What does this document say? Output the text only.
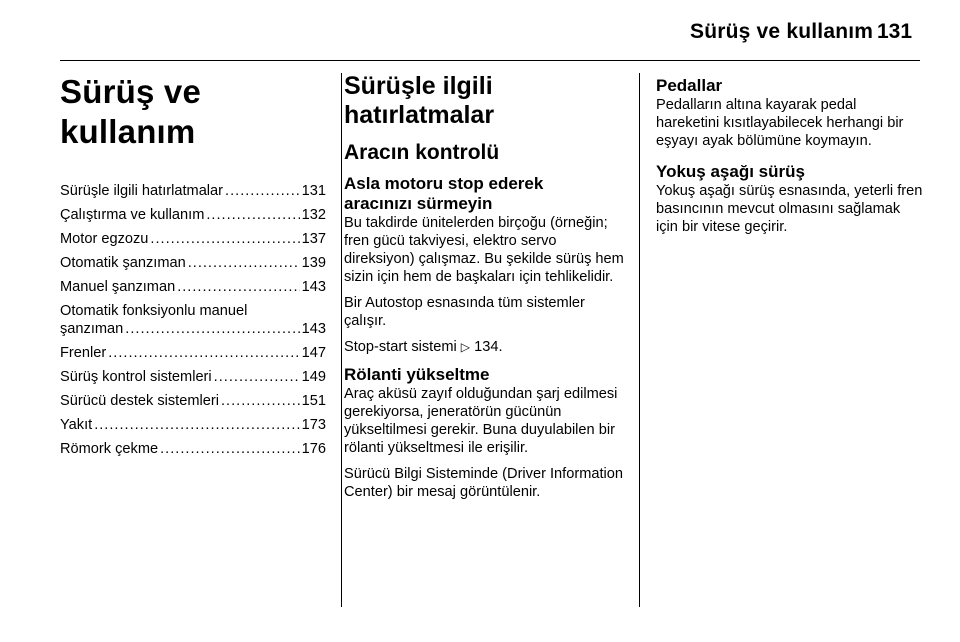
Sürüş ve kullanım 131
Sürüş ve kullanım
Sürüşle ilgili hatırlatmalar .....	131
Çalıştırma ve kullanım .....	132
Motor egzozu .....	137
Otomatik şanzıman .....	139
Manuel şanzıman .....	143
Otomatik fonksiyonlu manuel
şanzıman .....	143
Frenler .....	147
Sürüş kontrol sistemleri .....	149
Sürücü destek sistemleri .....	151
Yakıt .....	173
Römork çekme .....	176
Sürüşle ilgili hatırlatmalar
Aracın kontrolü
Asla motoru stop ederek aracınızı sürmeyin

Bu takdirde ünitelerden birçoğu (örneğin; fren gücü takviyesi, elektro servo direksiyon) çalışmaz. Bu şekilde sürüş hem sizin için hem de başkaları için tehlikelidir.

Bir Autostop esnasında tüm sistemler çalışır.

Stop-start sistemi ▷ 134.

Rölanti yükseltme

Araç aküsü zayıf olduğundan şarj edilmesi gerekiyorsa, jeneratörün gücünün yükseltilmesi gerekir. Buna duyulabilen bir rölanti yükseltmesi ile erişilir.

Sürücü Bilgi Sisteminde (Driver Information Center) bir mesaj görüntülenir.

Pedallar

Pedalların altına kayarak pedal hareketini kısıtlayabilecek herhangi bir eşyayı ayak bölümüne koymayın.

Yokuş aşağı sürüş

Yokuş aşağı sürüş esnasında, yeterli fren basıncının mevcut olmasını sağlamak için bir vitese geçirir.
